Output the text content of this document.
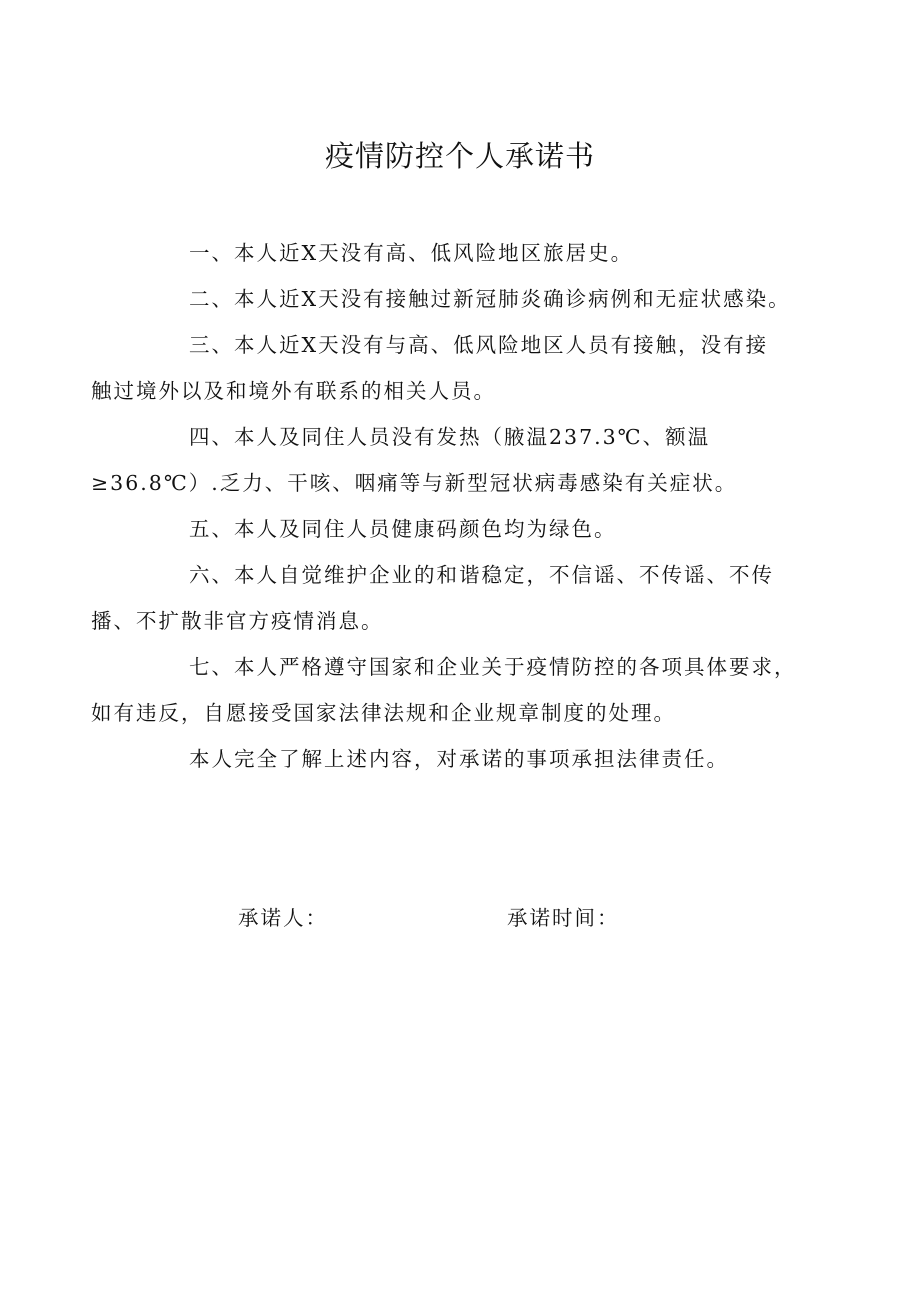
疫情防控个人承诺书

一、本人近X天没有高、低风险地区旅居史。

二、本人近X天没有接触过新冠肺炎确诊病例和无症状感染。

三、本人近X天没有与高、低风险地区人员有接触，没有接
触过境外以及和境外有联系的相关人员。

四、本人及同住人员没有发热（腋温237.3℃、额温
≥36.8℃）.乏力、干咳、咽痛等与新型冠状病毒感染有关症状。

五、本人及同住人员健康码颜色均为绿色。

六、本人自觉维护企业的和谐稳定，不信谣、不传谣、不传
播、不扩散非官方疫情消息。

七、本人严格遵守国家和企业关于疫情防控的各项具体要求，
如有违反，自愿接受国家法律法规和企业规章制度的处理。

本人完全了解上述内容，对承诺的事项承担法律责任。

承诺人：	承诺时间：
